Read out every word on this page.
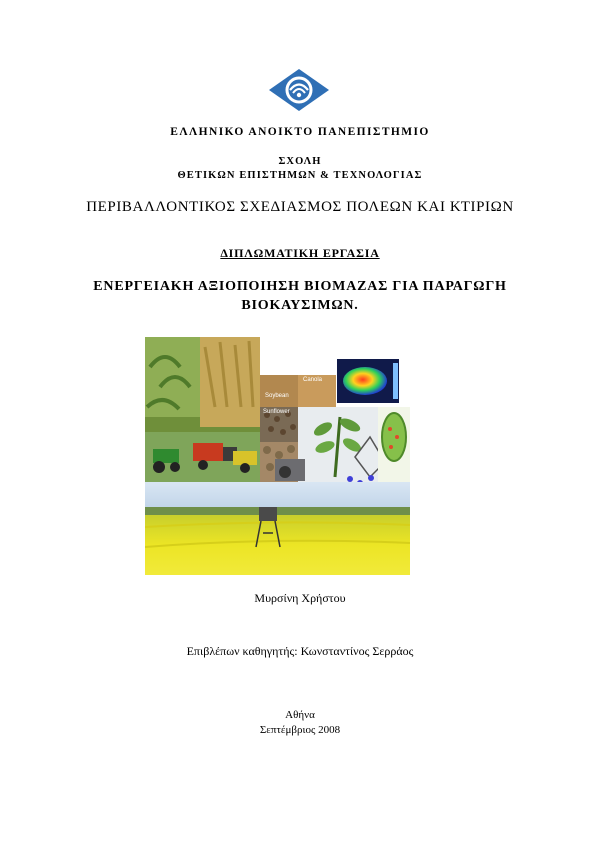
ΕΛΛΗΝΙΚΟ ΑΝΟΙΚΤΟ ΠΑΝΕΠΙΣΤΗΜΙΟ
ΣΧΟΛΗ
ΘΕΤΙΚΩΝ ΕΠΙΣΤΗΜΩΝ & ΤΕΧΝΟΛΟΓΙΑΣ
ΠΕΡΙΒΑΛΛΟΝΤΙΚΟΣ ΣΧΕΔΙΑΣΜΟΣ ΠΟΛΕΩΝ ΚΑΙ ΚΤΙΡΙΩΝ
ΔΙΠΛΩΜΑΤΙΚΗ ΕΡΓΑΣΙΑ
ΕΝΕΡΓΕΙΑΚΗ ΑΞΙΟΠΟΙΗΣΗ ΒΙΟΜΑΖΑΣ ΓΙΑ ΠΑΡΑΓΩΓΗ
ΒΙΟΚΑΥΣΙΜΩΝ.
Soybean
Canola
Sunflower
Μυρσίνη Χρήστου
Επιβλέπων καθηγητής: Κωνσταντίνος Σερράος
Αθήνα
Σεπτέμβριος 2008
